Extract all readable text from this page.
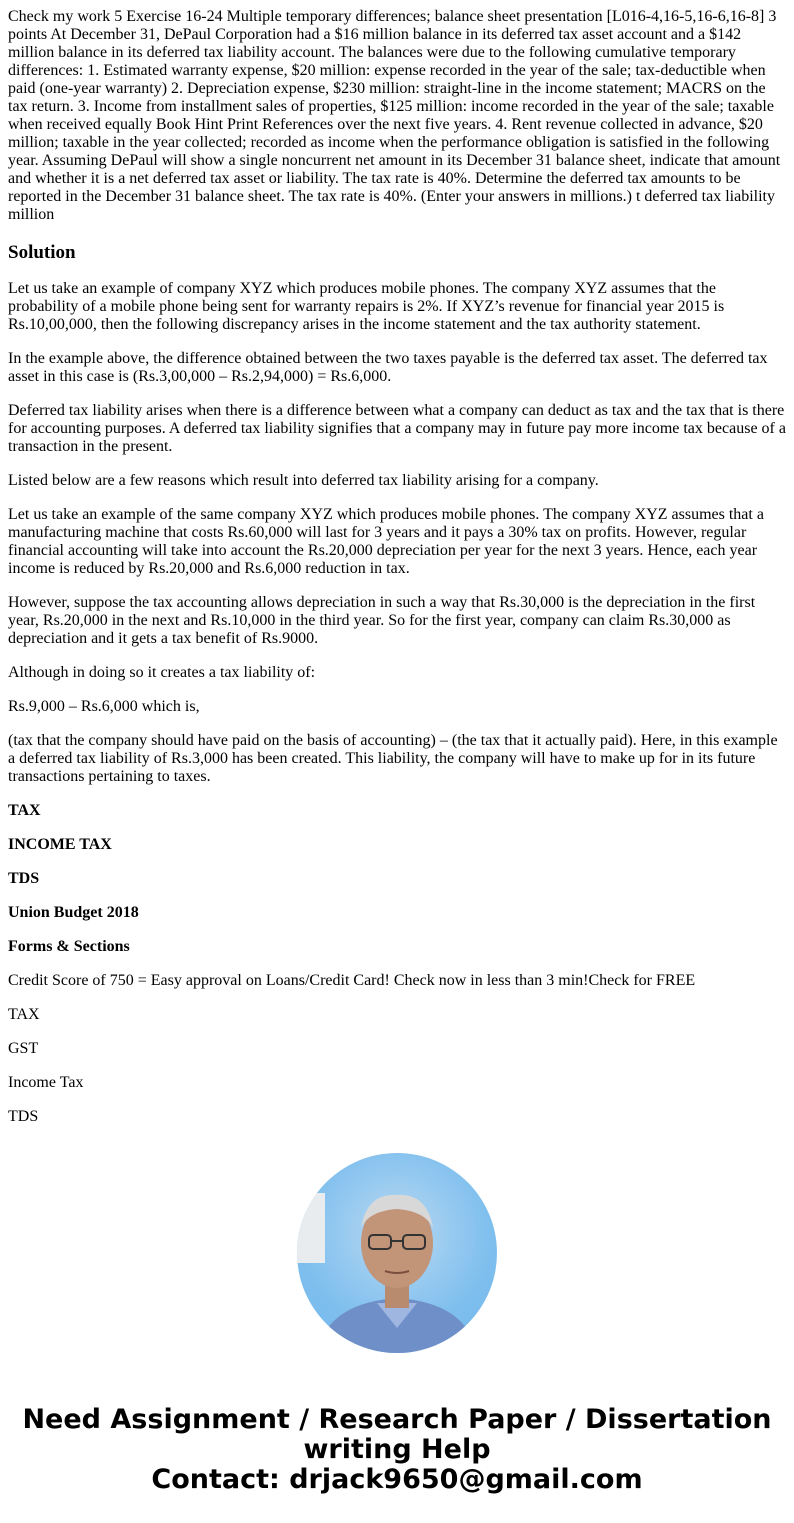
Check my work 5 Exercise 16-24 Multiple temporary differences; balance sheet presentation [L016-4,16-5,16-6,16-8] 3 points At December 31, DePaul Corporation had a $16 million balance in its deferred tax asset account and a $142 million balance in its deferred tax liability account. The balances were due to the following cumulative temporary differences: 1. Estimated warranty expense, $20 million: expense recorded in the year of the sale; tax-deductible when paid (one-year warranty) 2. Depreciation expense, $230 million: straight-line in the income statement; MACRS on the tax return. 3. Income from installment sales of properties, $125 million: income recorded in the year of the sale; taxable when received equally Book Hint Print References over the next five years. 4. Rent revenue collected in advance, $20 million; taxable in the year collected; recorded as income when the performance obligation is satisfied in the following year. Assuming DePaul will show a single noncurrent net amount in its December 31 balance sheet, indicate that amount and whether it is a net deferred tax asset or liability. The tax rate is 40%. Determine the deferred tax amounts to be reported in the December 31 balance sheet. The tax rate is 40%. (Enter your answers in millions.) t deferred tax liability million

Solution

Let us take an example of company XYZ which produces mobile phones. The company XYZ assumes that the probability of a mobile phone being sent for warranty repairs is 2%. If XYZ’s revenue for financial year 2015 is Rs.10,00,000, then the following discrepancy arises in the income statement and the tax authority statement.

In the example above, the difference obtained between the two taxes payable is the deferred tax asset. The deferred tax asset in this case is (Rs.3,00,000 – Rs.2,94,000) = Rs.6,000.

Deferred tax liability arises when there is a difference between what a company can deduct as tax and the tax that is there for accounting purposes. A deferred tax liability signifies that a company may in future pay more income tax because of a transaction in the present.

Listed below are a few reasons which result into deferred tax liability arising for a company.

Let us take an example of the same company XYZ which produces mobile phones. The company XYZ assumes that a manufacturing machine that costs Rs.60,000 will last for 3 years and it pays a 30% tax on profits. However, regular financial accounting will take into account the Rs.20,000 depreciation per year for the next 3 years. Hence, each year income is reduced by Rs.20,000 and Rs.6,000 reduction in tax.

However, suppose the tax accounting allows depreciation in such a way that Rs.30,000 is the depreciation in the first year, Rs.20,000 in the next and Rs.10,000 in the third year. So for the first year, company can claim Rs.30,000 as depreciation and it gets a tax benefit of Rs.9000.

Although in doing so it creates a tax liability of:

Rs.9,000 – Rs.6,000 which is,

(tax that the company should have paid on the basis of accounting) – (the tax that it actually paid). Here, in this example a deferred tax liability of Rs.3,000 has been created. This liability, the company will have to make up for in its future transactions pertaining to taxes.

TAX

INCOME TAX

TDS

Union Budget 2018

Forms & Sections

Credit Score of 750 = Easy approval on Loans/Credit Card! Check now in less than 3 min!Check for FREE

TAX

GST

Income Tax

TDS

Need Assignment / Research Paper / Dissertation writing Help
Contact: drjack9650@gmail.com
